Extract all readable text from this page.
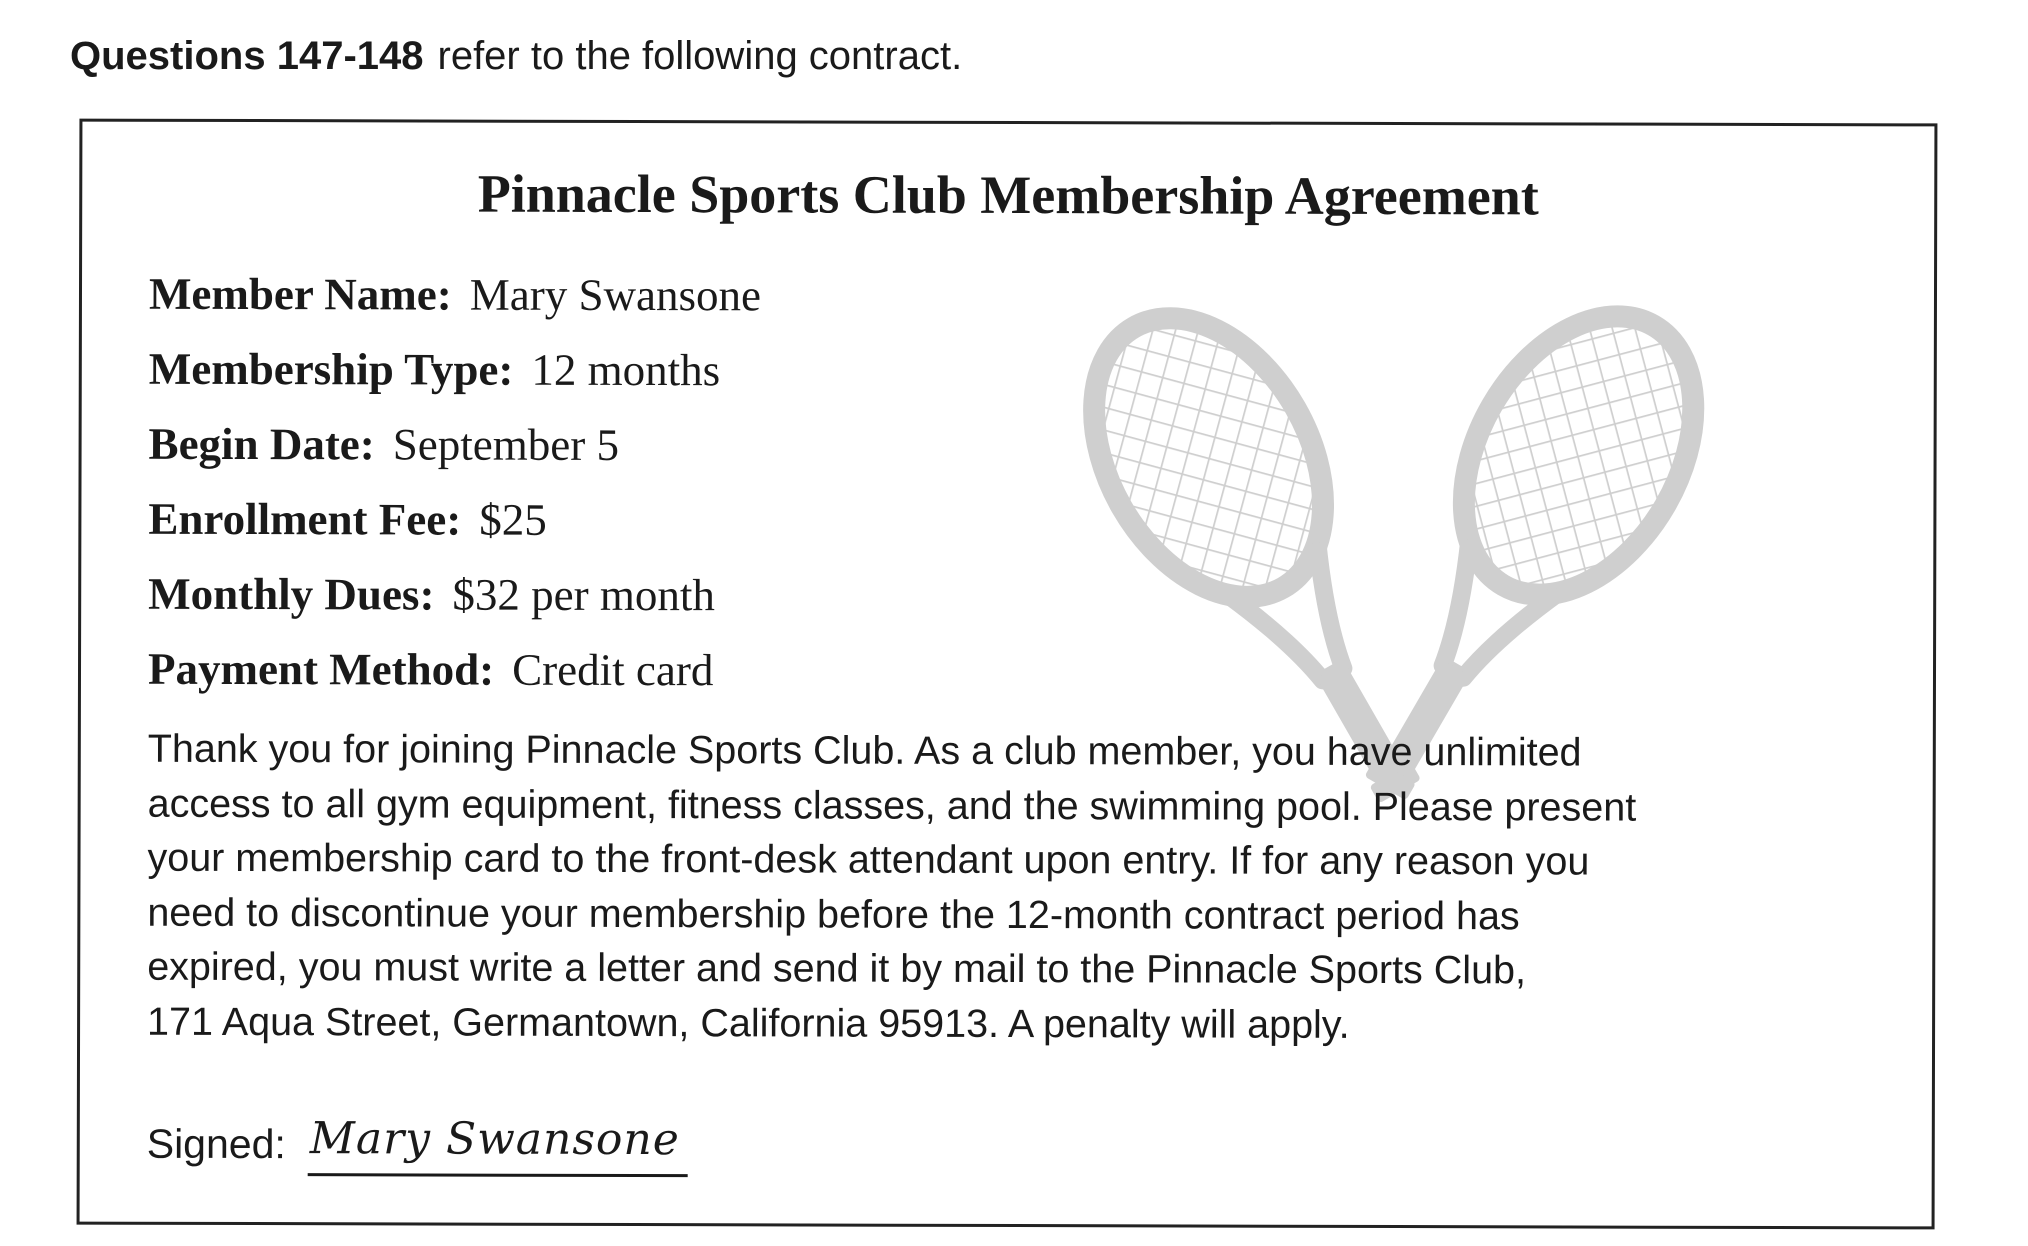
Questions 147-148 refer to the following contract.
Pinnacle Sports Club Membership Agreement
Member Name: Mary Swansone
Membership Type: 12 months
Begin Date: September 5
Enrollment Fee: $25
Monthly Dues: $32 per month
Payment Method: Credit card

Thank you for joining Pinnacle Sports Club. As a club member, you have unlimited

access to all gym equipment, fitness classes, and the swimming pool. Please present

your membership card to the front-desk attendant upon entry. If for any reason you

need to discontinue your membership before the 12-month contract period has

expired, you must write a letter and send it by mail to the Pinnacle Sports Club,

171 Aqua Street, Germantown, California 95913. A penalty will apply.

Signed: Mary Swansone
